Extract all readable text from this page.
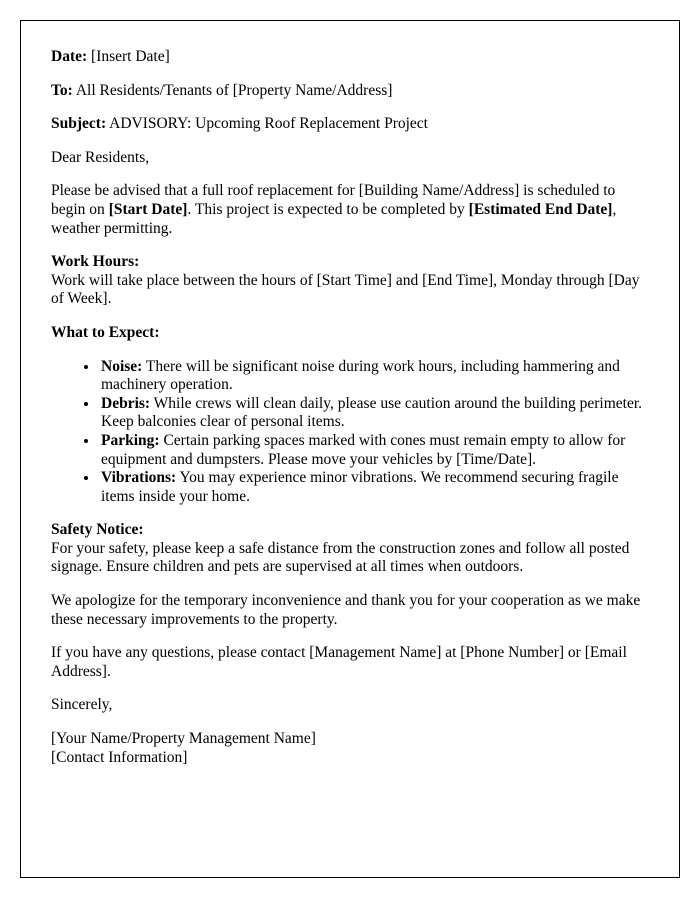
Date: [Insert Date]

To: All Residents/Tenants of [Property Name/Address]

Subject: ADVISORY: Upcoming Roof Replacement Project

Dear Residents,

Please be advised that a full roof replacement for [Building Name/Address] is scheduled to begin on [Start Date]. This project is expected to be completed by [Estimated End Date], weather permitting.

Work Hours:

Work will take place between the hours of [Start Time] and [End Time], Monday through [Day of Week].

What to Expect:
• Noise: There will be significant noise during work hours, including hammering and machinery operation.
• Debris: While crews will clean daily, please use caution around the building perimeter. Keep balconies clear of personal items.
• Parking: Certain parking spaces marked with cones must remain empty to allow for equipment and dumpsters. Please move your vehicles by [Time/Date].
• Vibrations: You may experience minor vibrations. We recommend securing fragile items inside your home.
Safety Notice:

For your safety, please keep a safe distance from the construction zones and follow all posted signage. Ensure children and pets are supervised at all times when outdoors.

We apologize for the temporary inconvenience and thank you for your cooperation as we make these necessary improvements to the property.

If you have any questions, please contact [Management Name] at [Phone Number] or [Email Address].

Sincerely,

[Your Name/Property Management Name]
[Contact Information]
